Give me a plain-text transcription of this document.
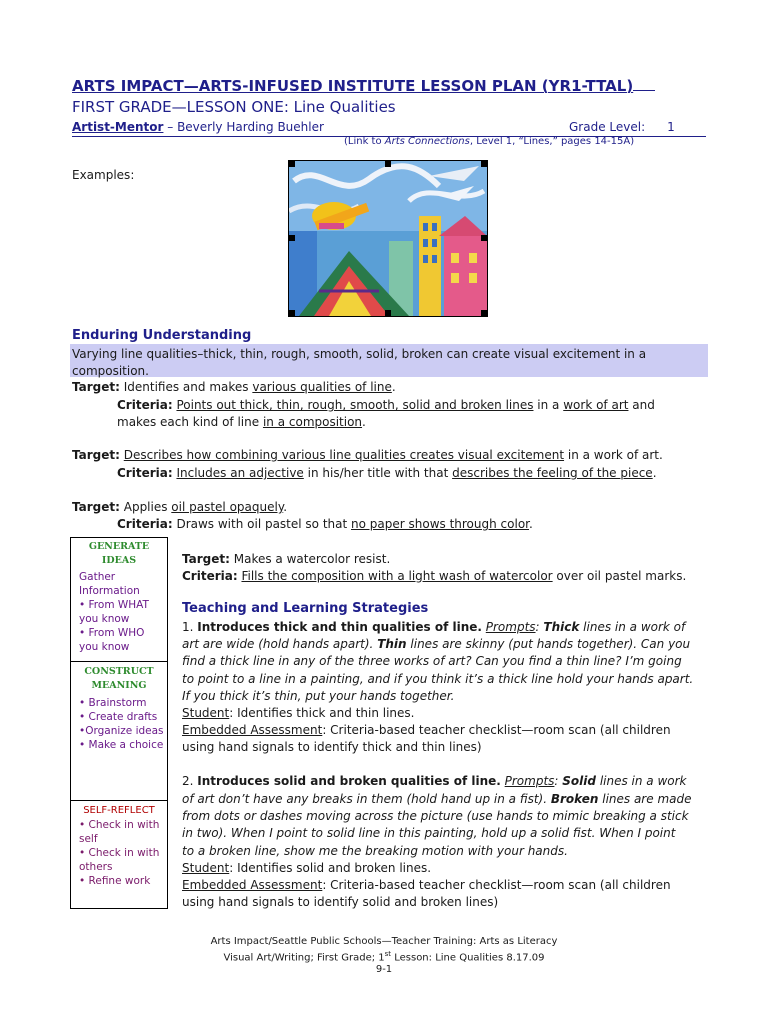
ARTS IMPACT—ARTS-INFUSED INSTITUTE LESSON PLAN (YR1-TTAL)
FIRST GRADE—LESSON ONE: Line Qualities
Artist-Mentor – Beverly Harding Buehler	Grade Level: 1
(Link to Arts Connections, Level 1, “Lines,” pages 14-15A)
Examples:
Enduring Understanding
Varying line qualities–thick, thin, rough, smooth, solid, broken can create visual excitement in a composition.
Target: Identifies and makes various qualities of line.
Criteria: Points out thick, thin, rough, smooth, solid and broken lines in a work of art and
makes each kind of line in a composition.
Target: Describes how combining various line qualities creates visual excitement in a work of art.
Criteria: Includes an adjective in his/her title with that describes the feeling of the piece.
Target: Applies oil pastel opaquely.
Criteria: Draws with oil pastel so that no paper shows through color.
GENERATE
IDEAS
Gather Information
• From WHAT you know
• From WHO you know
CONSTRUCT
MEANING
• Brainstorm
• Create drafts
•Organize ideas
• Make a choice
SELF-REFLECT
• Check in with self
• Check in with others
• Refine work
Target: Makes a watercolor resist.
Criteria: Fills the composition with a light wash of watercolor over oil pastel marks.
Teaching and Learning Strategies
1. Introduces thick and thin qualities of line. Prompts: Thick lines in a work of
art are wide (hold hands apart). Thin lines are skinny (put hands together). Can you
find a thick line in any of the three works of art? Can you find a thin line? I’m going
to point to a line in a painting, and if you think it’s a thick line hold your hands apart.
If you thick it’s thin, put your hands together.
Student: Identifies thick and thin lines.
Embedded Assessment: Criteria-based teacher checklist—room scan (all children
using hand signals to identify thick and thin lines)
2. Introduces solid and broken qualities of line. Prompts: Solid lines in a work
of art don’t have any breaks in them (hold hand up in a fist). Broken lines are made
from dots or dashes moving across the picture (use hands to mimic breaking a stick
in two). When I point to solid line in this painting, hold up a solid fist. When I point
to a broken line, show me the breaking motion with your hands.
Student: Identifies solid and broken lines.
Embedded Assessment: Criteria-based teacher checklist—room scan (all children
using hand signals to identify solid and broken lines)
Arts Impact/Seattle Public Schools—Teacher Training: Arts as Literacy
Visual Art/Writing; First Grade; 1st Lesson: Line Qualities 8.17.09
9-1
